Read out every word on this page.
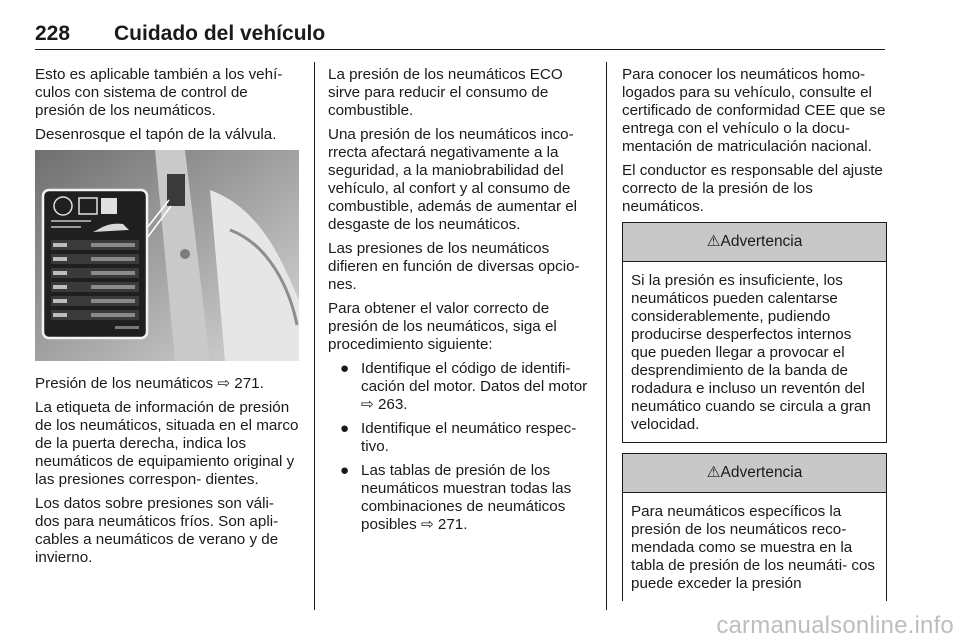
228 Cuidado del vehículo

Esto es aplicable también a los vehí- culos con sistema de control de presión de los neumáticos.

Desenrosque el tapón de la válvula.

Presión de los neumáticos ⇨ 271.

La etiqueta de información de presión de los neumáticos, situada en el marco de la puerta derecha, indica los neumáticos de equipamiento original y las presiones correspon- dientes.

Los datos sobre presiones son váli- dos para neumáticos fríos. Son apli- cables a neumáticos de verano y de invierno.

La presión de los neumáticos ECO sirve para reducir el consumo de combustible.

Una presión de los neumáticos inco- rrecta afectará negativamente a la seguridad, a la maniobrabilidad del vehículo, al confort y al consumo de combustible, además de aumentar el desgaste de los neumáticos.

Las presiones de los neumáticos difieren en función de diversas opcio- nes.

Para obtener el valor correcto de presión de los neumáticos, siga el procedimiento siguiente:

● Identifique el código de identifi- cación del motor. Datos del motor ⇨ 263.
● Identifique el neumático respec- tivo.
● Las tablas de presión de los neumáticos muestran todas las combinaciones de neumáticos posibles ⇨ 271.

Para conocer los neumáticos homo- logados para su vehículo, consulte el certificado de conformidad CEE que se entrega con el vehículo o la docu- mentación de matriculación nacional.

El conductor es responsable del ajuste correcto de la presión de los neumáticos.

⚠Advertencia
Si la presión es insuficiente, los neumáticos pueden calentarse considerablemente, pudiendo producirse desperfectos internos que pueden llegar a provocar el desprendimiento de la banda de rodadura e incluso un reventón del neumático cuando se circula a gran velocidad.
⚠Advertencia
Para neumáticos específicos la presión de los neumáticos reco- mendada como se muestra en la tabla de presión de los neumáti- cos puede exceder la presión
carmanualsonline.info
